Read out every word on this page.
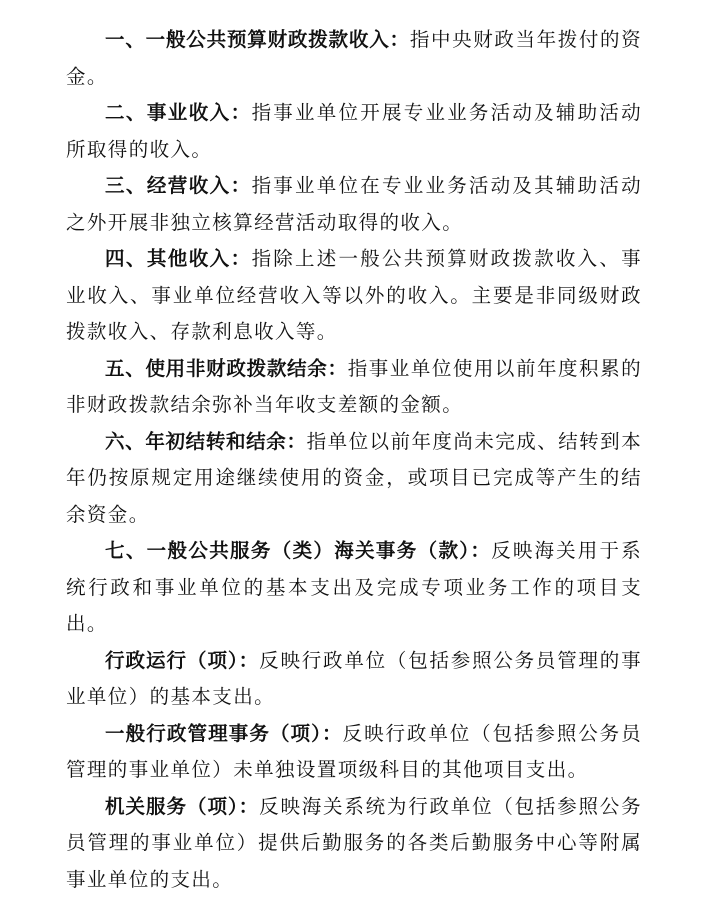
一、一般公共预算财政拨款收入：指中央财政当年拨付的资金。

二、事业收入：指事业单位开展专业业务活动及辅助活动所取得的收入。

三、经营收入：指事业单位在专业业务活动及其辅助活动之外开展非独立核算经营活动取得的收入。

四、其他收入：指除上述一般公共预算财政拨款收入、事业收入、事业单位经营收入等以外的收入。主要是非同级财政拨款收入、存款利息收入等。

五、使用非财政拨款结余：指事业单位使用以前年度积累的非财政拨款结余弥补当年收支差额的金额。

六、年初结转和结余：指单位以前年度尚未完成、结转到本年仍按原规定用途继续使用的资金，或项目已完成等产生的结余资金。

七、一般公共服务（类）海关事务（款）：反映海关用于系统行政和事业单位的基本支出及完成专项业务工作的项目支出。

行政运行（项）：反映行政单位（包括参照公务员管理的事业单位）的基本支出。

一般行政管理事务（项）：反映行政单位（包括参照公务员管理的事业单位）未单独设置项级科目的其他项目支出。

机关服务（项）：反映海关系统为行政单位（包括参照公务员管理的事业单位）提供后勤服务的各类后勤服务中心等附属事业单位的支出。
